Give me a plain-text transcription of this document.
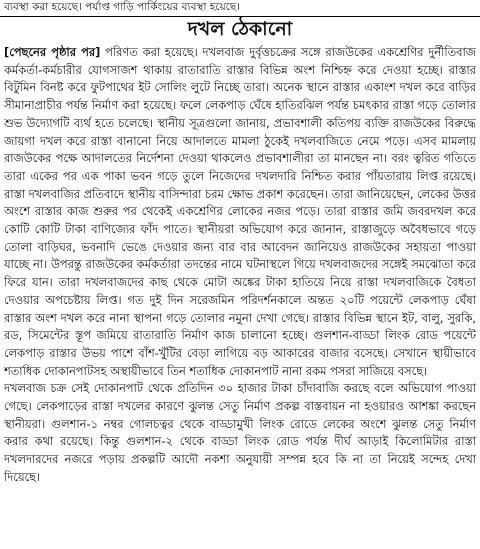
ব্যবস্থা করা হয়েছে। পর্যাপ্ত গাড়ি পার্কিংয়ের ব্যবস্থা হয়েছে।
দখল ঠেকানো

[পেছনের পৃষ্ঠার পর] পরিণত করা হয়েছে। দখলবাজ দুর্বৃত্তচক্রের সঙ্গে রাজউকের একশ্রেণির দুর্নীতিবাজ কর্মকর্তা-কর্মচারীর যোগসাজশ থাকায় রাতারাতি রাস্তার বিভিন্ন অংশ নিশ্চিহ্ন করে দেওয়া হচ্ছে। রাস্তার বিটুমিন বিনষ্ট করে ফুটপাথের ইট সোলিং লুটে নিচ্ছে তারা। অনেক স্থানে রাস্তার একাংশ দখল করে বাড়ির সীমানাপ্রাচীর পর্যন্ত নির্মাণ করা হয়েছে। ফলে লেকপাড় ঘেঁষে হাতিরঝিল পর্যন্ত চমৎকার রাস্তা গড়ে তোলার শুভ উদ্যোগটি ব্যর্থ হতে চলেছে। স্থানীয় সূত্রগুলো জানায়, প্রভাবশালী কতিপয় ব্যক্তি রাজউকের বিরুদ্ধে জায়গা দখল করে রাস্তা বানানো নিয়ে আদালতে মামলা ঠুকেই দখলবাজিতে নেমে পড়ে। এসব মামলায় রাজউকের পক্ষে আদালতের নির্দেশনা দেওয়া থাকলেও প্রভাবশালীরা তা মানছেন না। বরং ত্বরিত গতিতে তারা একের পর এক পাকা ভবন গড়ে তুলে নিজেদের দখলদারি নিশ্চিত করার পাঁয়তারায় লিপ্ত রয়েছে। রাস্তা দখলবাজির প্রতিবাদে স্থানীয় বাসিন্দারা চরম ক্ষোভ প্রকাশ করেছেন। তারা জানিয়েছেন, লেকের উত্তর অংশে রাস্তার কাজ শুরুর পর থেকেই একশ্রেণির লোকের নজর পড়ে। তারা রাস্তার জমি জবরদখল করে কোটি কোটি টাকা বাণিজ্যের ফাঁদ পাতে। স্থানীয়রা অভিযোগ করে জানান, রাস্তাজুড়ে অবৈধভাবে গড়ে তোলা বাড়িঘর, ভবনাদি ভেঙে দেওয়ার জন্য বার বার আবেদন জানিয়েও রাজউকের সহায়তা পাওয়া যাচ্ছে না। উপরন্তু রাজউকের কর্মকর্তারা তদন্তের নামে ঘটনাস্থলে গিয়ে দখলবাজদের সঙ্গেই সমঝোতা করে ফিরে যান। তারা দখলবাজদের কাছ থেকে মোটা অঙ্কের টাকা হাতিয়ে নিয়ে রাস্তা দখলবাজিকে বৈধতা দেওয়ার অপচেষ্টায় লিপ্ত। গত দুই দিন সরেজমিন পরিদর্শনকালে অন্তত ২০টি পয়েন্টে লেকপাড় ঘেঁষা রাস্তার অংশ দখল করে নানা স্থাপনা গড়ে তোলার নমুনা দেখা গেছে। রাস্তার বিভিন্ন স্থানে ইট, বালু, সুরকি, রড, সিমেন্টের স্তূপ জমিয়ে রাতারাতি নির্মাণ কাজ চালানো হচ্ছে। গুলশান-বাড্ডা লিংক রোড পয়েন্টে লেকপাড় রাস্তার উভয় পাশে বাঁশ-খুঁটির বেড়া লাগিয়ে বড় আকারের বাজার বসেছে। সেখানে স্থায়ীভাবে শতাধিক দোকানপাটসহ অস্থায়ীভাবে তিন শতাধিক দোকানপাট নানা রকম পসরা সাজিয়ে বসছে।

দখলবাজ চক্র সেই দোকানপাট থেকে প্রতিদিন ৩০ হাজার টাকা চাঁদাবাজি করছে বলে অভিযোগ পাওয়া গেছে। লেকপাড়ের রাস্তা দখলের কারণে ঝুলন্ত সেতু নির্মাণ প্রকল্প বাস্তবায়ন না হওয়ারও আশঙ্কা করছেন স্থানীয়রা। গুলশান-১ নম্বর গোলচত্বর থেকে বাড্ডামুখী লিংক রোডে লেকের অংশে ঝুলন্ত সেতু নির্মাণ করার কথা রয়েছে। কিন্তু গুলশান-২ থেকে বাড্ডা লিংক রোড পর্যন্ত দীর্ঘ আড়াই কিলোমিটার রাস্তা দখলদারদের নজরে পড়ায় প্রকল্পটি আদৌ নকশা অনুযায়ী সম্পন্ন হবে কি না তা নিয়েই সন্দেহ দেখা দিয়েছে।
